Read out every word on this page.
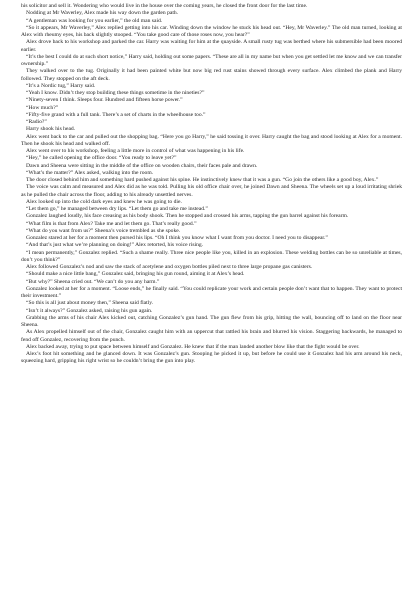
his solicitor and sell it. Wondering who would live in the house over the coming years, he closed the front door for the last time.

Nodding at Mr Waverley, Alex made his way down the garden path.

“A gentleman was looking for you earlier,” the old man said.

“So it appears, Mr Waverley,” Alex replied getting into his car. Winding down the window he stuck his head out. “Hey, Mr Waverley.” The old man turned, looking at Alex with rheumy eyes, his back slightly stooped. “You take good care of those roses now, you hear?”

Alex drove back to his workshop and parked the car. Harry was waiting for him at the quayside. A small rusty tug was berthed where his submersible had been moored earlier.

“It’s the best I could do at such short notice,” Harry said, holding out some papers. “These are all in my name but when you get settled let me know and we can transfer ownership.”

They walked over to the tug. Originally it had been painted white but now big red rust stains showed through every surface. Alex climbed the plank and Harry followed. They stopped on the aft deck.

“It’s a Nordic tug,” Harry said.

“Yeah I know. Didn’t they stop building these things sometime in the nineties?”

“Ninety-seven I think. Sleeps four. Hundred and fifteen horse power.”

“How much?”

“Fifty-five grand with a full tank. There’s a set of charts in the wheelhouse too.”

“Radio?”

Harry shook his head.

Alex went back to the car and pulled out the shopping bag. “Here you go Harry,” he said tossing it over. Harry caught the bag and stood looking at Alex for a moment. Then he shook his head and walked off.

Alex went over to his workshop, feeling a little more in control of what was happening in his life.

“Hey,” he called opening the office door. “You ready to leave yet?”

Dawn and Sheena were sitting in the middle of the office on wooden chairs, their faces pale and drawn.

“What’s the matter?” Alex asked, walking into the room.

The door closed behind him and something hard pushed against his spine. He instinctively knew that it was a gun. “Go join the others like a good boy, Alex.”

The voice was calm and measured and Alex did as he was told. Pulling his old office chair over, he joined Dawn and Sheena. The wheels set up a loud irritating shriek as he pulled the chair across the floor, adding to his already unsettled nerves.

Alex looked up into the cold dark eyes and knew he was going to die.

“Let them go,” he managed between dry lips. “Let them go and take me instead.”

Gonzalez laughed loudly, his face creasing as his body shook. Then he stopped and crossed his arms, tapping the gun barrel against his forearm.

“What film is that from Alex? Take me and let them go. That’s really good.”

“What do you want from us?” Sheena’s voice trembled as she spoke.

Gonzalez stared at her for a moment then pursed his lips. “Oh I think you know what I want from you doctor. I need you to disappear.”

“And that’s just what we’re planning on doing!” Alex retorted, his voice rising.

“I mean permanently,” Gonzalez replied. “Such a shame really. Three nice people like you, killed in an explosion. These welding bottles can be so unreliable at times, don’t you think?”

Alex followed Gonzalez’s nod and saw the stack of acetylene and oxygen bottles piled next to three large propane gas canisters.

“Should make a nice little bang,” Gonzalez said, bringing his gun round, aiming it at Alex’s head.

“But why?” Sheena cried out. “We can’t do you any harm.”

Gonzalez looked at her for a moment. “Loose ends,” he finally said. “You could replicate your work and certain people don’t want that to happen. They want to protect their investment.”

“So this is all just about money then,” Sheena said flatly.

“Isn’t it always?” Gonzalez asked, raising his gun again.

Grabbing the arms of his chair Alex kicked out, catching Gonzalez’s gun hand. The gun flew from his grip, hitting the wall, bouncing off to land on the floor near Sheena.

As Alex propelled himself out of the chair, Gonzalez caught him with an uppercut that rattled his brain and blurred his vision. Staggering backwards, he managed to fend off Gonzalez, recovering from the punch.

Alex backed away, trying to put space between himself and Gonzalez. He knew that if the man landed another blow like that the fight would be over.

Alex’s foot hit something and he glanced down. It was Gonzalez’s gun. Stooping he picked it up, but before he could use it Gonzalez had his arm around his neck, squeezing hard, gripping his right wrist so he couldn’t bring the gun into play.
